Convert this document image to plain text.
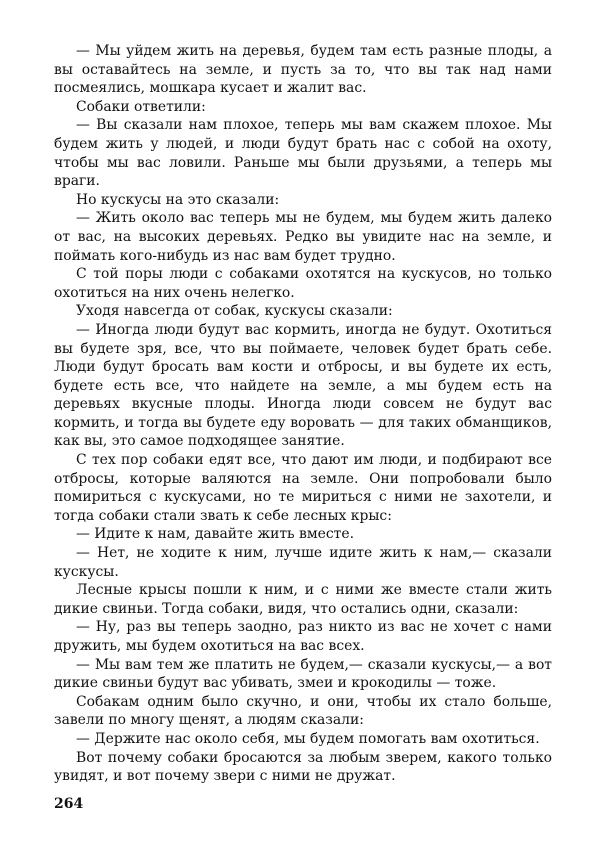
— Мы уйдем жить на деревья, будем там есть разные плоды, а вы оставайтесь на земле, и пусть за то, что вы так над нами посмеялись, мошкара кусает и жалит вас.

Собаки ответили:

— Вы сказали нам плохое, теперь мы вам скажем плохое. Мы будем жить у людей, и люди будут брать нас с собой на охоту, чтобы мы вас ловили. Раньше мы были друзьями, а теперь мы враги.

Но кускусы на это сказали:

— Жить около вас теперь мы не будем, мы будем жить далеко от вас, на высоких деревьях. Редко вы увидите нас на земле, и поймать кого-нибудь из нас вам будет трудно.

С той поры люди с собаками охотятся на кускусов, но только охотиться на них очень нелегко.

Уходя навсегда от собак, кускусы сказали:

— Иногда люди будут вас кормить, иногда не будут. Охотиться вы будете зря, все, что вы поймаете, человек будет брать себе. Люди будут бросать вам кости и отбросы, и вы будете их есть, будете есть все, что найдете на земле, а мы будем есть на деревьях вкусные плоды. Иногда люди совсем не будут вас кормить, и тогда вы будете еду воровать — для таких обманщиков, как вы, это самое подходящее занятие.

С тех пор собаки едят все, что дают им люди, и подбирают все отбросы, которые валяются на земле. Они попробовали было помириться с кускусами, но те мириться с ними не захотели, и тогда собаки стали звать к себе лесных крыс:

— Идите к нам, давайте жить вместе.

— Нет, не ходите к ним, лучше идите жить к нам,— сказали кускусы.

Лесные крысы пошли к ним, и с ними же вместе стали жить дикие свиньи. Тогда собаки, видя, что остались одни, сказали:

— Ну, раз вы теперь заодно, раз никто из вас не хочет с нами дружить, мы будем охотиться на вас всех.

— Мы вам тем же платить не будем,— сказали кускусы,— а вот дикие свиньи будут вас убивать, змеи и крокодилы — тоже.

Собакам одним было скучно, и они, чтобы их стало больше, завели по многу щенят, а людям сказали:

— Держите нас около себя, мы будем помогать вам охотиться.

Вот почему собаки бросаются за любым зверем, какого только увидят, и вот почему звери с ними не дружат.

264
